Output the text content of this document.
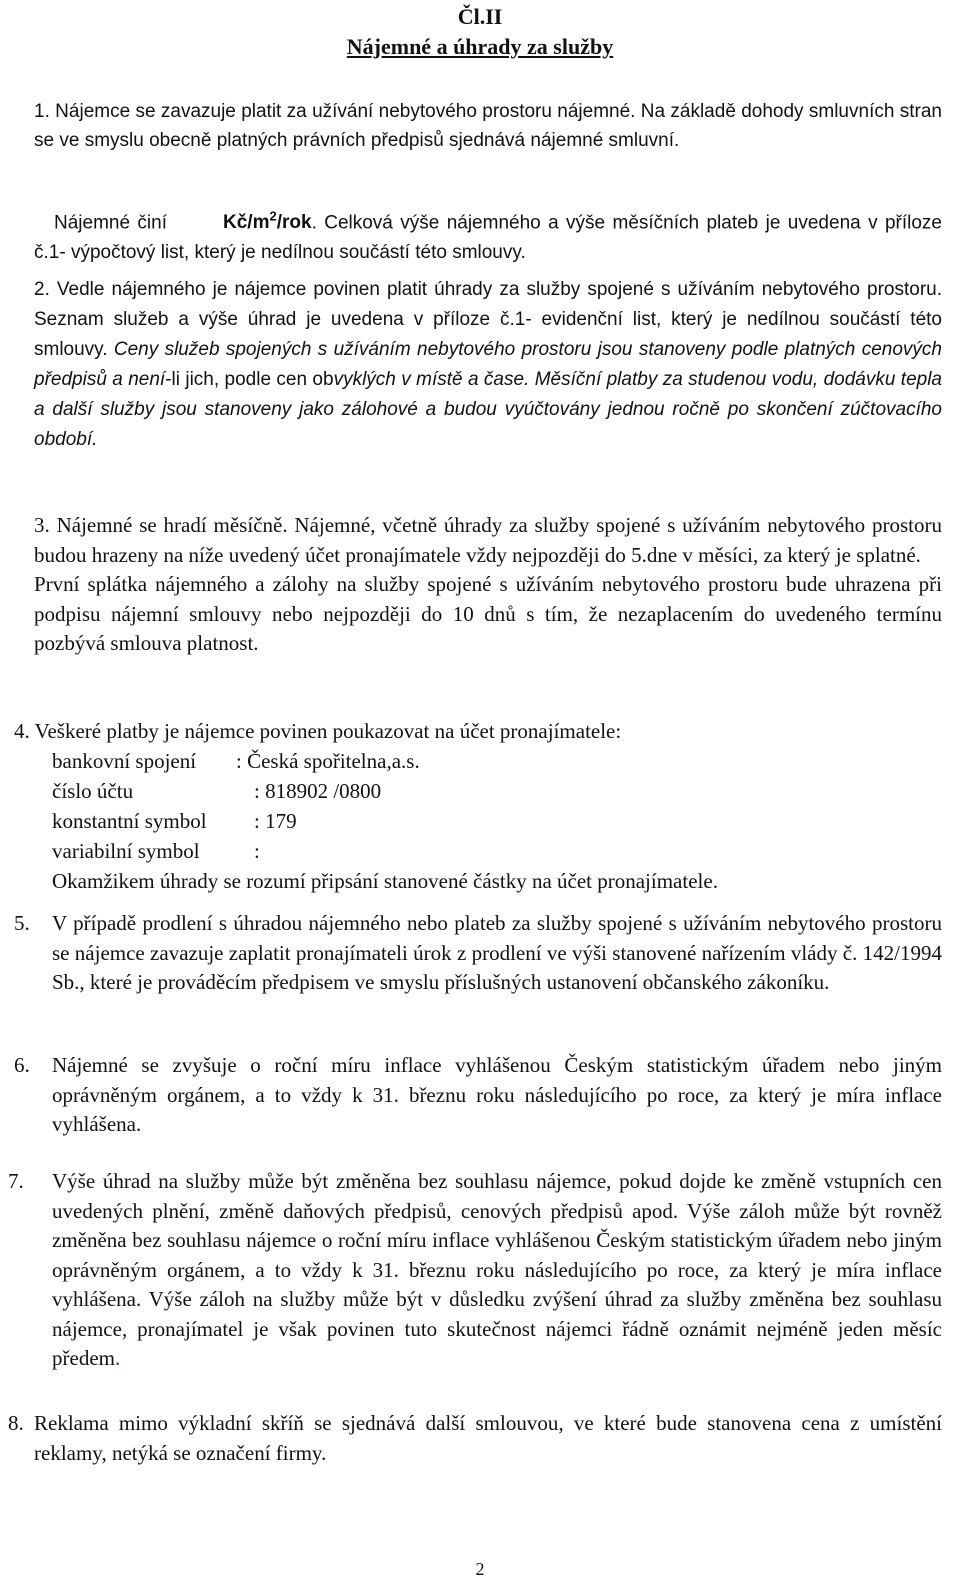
Čl.II
Nájemné a úhrady za služby
1. Nájemce se zavazuje platit za užívání nebytového prostoru nájemné. Na základě dohody smluvních stran se ve smyslu obecně platných právních předpisů sjednává nájemné smluvní.
Nájemné činí	$Kč/m^2$/rok. Celková výše nájemného a výše měsíčních plateb je uvedena v příloze č.1- výpočtový list, který je nedílnou součástí této smlouvy.
2. Vedle nájemného je nájemce povinen platit úhrady za služby spojené s užíváním nebytového prostoru. Seznam služeb a výše úhrad je uvedena v příloze č.1- evidenční list, který je nedílnou součástí této smlouvy. Ceny služeb spojených s užíváním nebytového prostoru jsou stanoveny podle platných cenových předpisů a není-li jich, podle cen obvyklých v místě a čase. Měsíční platby za studenou vodu, dodávku tepla a další služby jsou stanoveny jako zálohové a budou vyúčtovány jednou ročně po skončení zúčtovacího období.
3. Nájemné se hradí měsíčně. Nájemné, včetně úhrady za služby spojené s užíváním nebytového prostoru budou hrazeny na níže uvedený účet pronajímatele vždy nejpozději do 5.dne v měsíci, za který je splatné.
První splátka nájemného a zálohy na služby spojené s užíváním nebytového prostoru bude uhrazena při podpisu nájemní smlouvy nebo nejpozději do 10 dnů s tím, že nezaplacením do uvedeného termínu pozbývá smlouva platnost.
4. Veškeré platby je nájemce povinen poukazovat na účet pronajímatele:
bankovní spojení : Česká spořitelna,a.s.
číslo účtu	: 818902 /0800
konstantní symbol : 179
variabilní symbol	:
Okamžikem úhrady se rozumí připsání stanovené částky na účet pronajímatele.
5.	V případě prodlení s úhradou nájemného nebo plateb za služby spojené s užíváním nebytového prostoru se nájemce zavazuje zaplatit pronajímateli úrok z prodlení ve výši stanovené nařízením vlády č. 142/1994 Sb., které je prováděcím předpisem ve smyslu příslušných ustanovení občanského zákoníku.
6.	Nájemné se zvyšuje o roční míru inflace vyhlášenou Českým statistickým úřadem nebo jiným oprávněným orgánem, a to vždy k 31. březnu roku následujícího po roce, za který je míra inflace vyhlášena.
7.	Výše úhrad na služby může být změněna bez souhlasu nájemce, pokud dojde ke změně vstupních cen uvedených plnění, změně daňových předpisů, cenových předpisů apod. Výše záloh může být rovněž změněna bez souhlasu nájemce o roční míru inflace vyhlášenou Českým statistickým úřadem nebo jiným oprávněným orgánem, a to vždy k 31. březnu roku následujícího po roce, za který je míra inflace vyhlášena. Výše záloh na služby může být v důsledku zvýšení úhrad za služby změněna bez souhlasu nájemce, pronajímatel je však povinen tuto skutečnost nájemci řádně oznámit nejméně jeden měsíc předem.
8. Reklama mimo výkladní skříň se sjednává další smlouvou, ve které bude stanovena cena z umístění reklamy, netýká se označení firmy.
2
